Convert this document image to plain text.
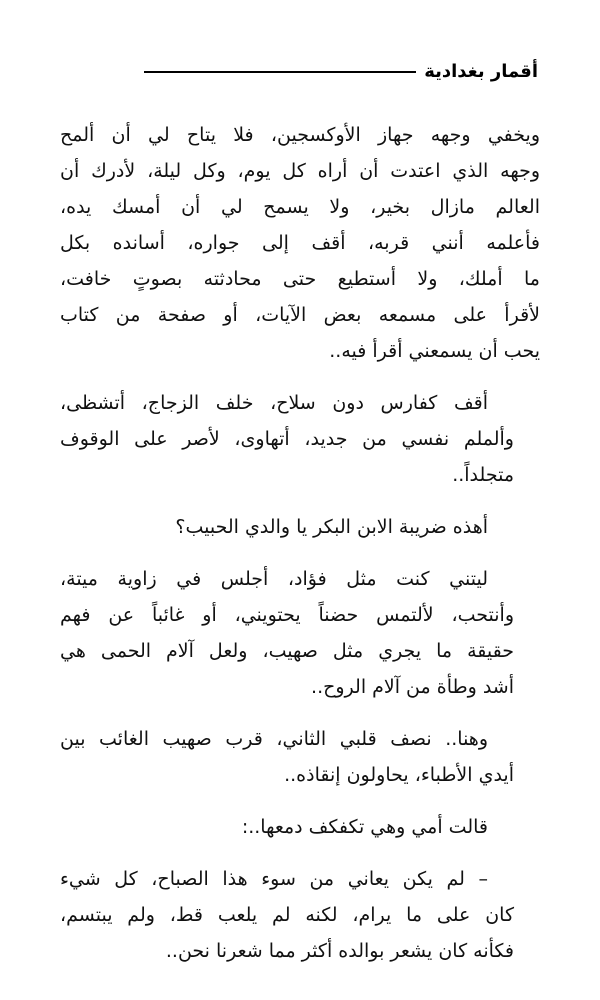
أقمار بغدادية

ويخفي وجهه جهاز الأوكسجين، فلا يتاح لي أن ألمح
وجهه الذي اعتدت أن أراه كل يوم، وكل ليلة، لأدرك أن
العالم مازال بخير، ولا يسمح لي أن أمسك يده،
فأعلمه أنني قربه، أقف إلى جواره، أسانده بكل
ما أملك، ولا أستطيع حتى محادثته بصوتٍ خافت،
لأقرأ على مسمعه بعض الآيات، أو صفحة من كتاب
يحب أن يسمعني أقرأ فيه..

أقف كفارس دون سلاح، خلف الزجاج، أتشظى،
وألملم نفسي من جديد، أتهاوى، لأصر على الوقوف
متجلداً..

أهذه ضريبة الابن البكر يا والدي الحبيب؟

ليتني كنت مثل فؤاد، أجلس في زاوية ميتة،
وأنتحب، لألتمس حضناً يحتويني، أو غائباً عن فهم
حقيقة ما يجري مثل صهيب، ولعل آلام الحمى هي
أشد وطأة من آلام الروح..

وهنا.. نصف قلبي الثاني، قرب صهيب الغائب بين
أيدي الأطباء، يحاولون إنقاذه..

قالت أمي وهي تكفكف دمعها..:

– لم يكن يعاني من سوء هذا الصباح، كل شيء
كان على ما يرام، لكنه لم يلعب قط، ولم يبتسم،
فكأنه كان يشعر بوالده أكثر مما شعرنا نحن..
